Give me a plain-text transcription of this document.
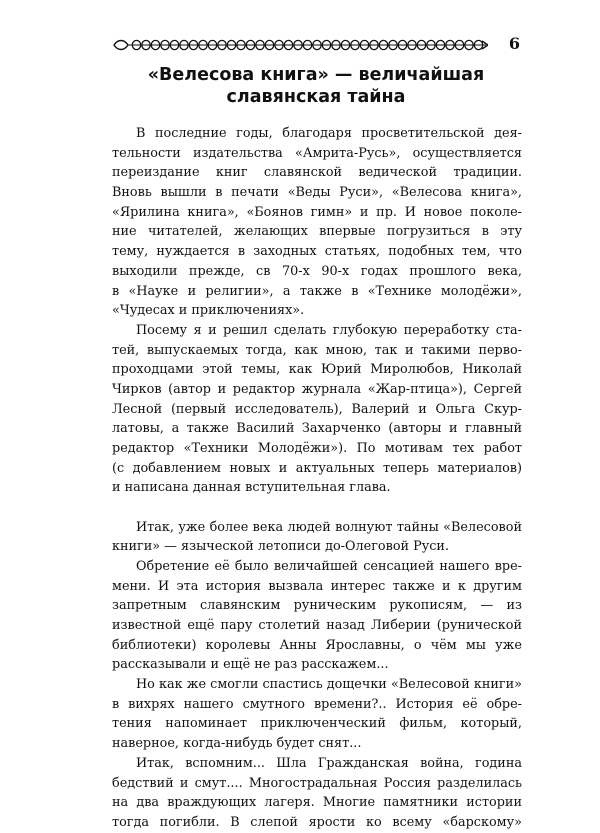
6
«Велесова книга» — величайшая
славянская тайна
В последние годы, благодаря просветительской дея-
тельности издательства «Амрита-Русь», осуществляется
переиздание книг славянской ведической традиции.
Вновь вышли в печати «Веды Руси», «Велесова книга»,
«Ярилина книга», «Боянов гимн» и пр. И новое поколе-
ние читателей, желающих впервые погрузиться в эту
тему, нуждается в заходных статьях, подобных тем, что
выходили прежде, св 70-х 90-х годах прошлого века,
в «Науке и религии», а также в «Технике молодёжи»,
«Чудесах и приключениях».
Посему я и решил сделать глубокую переработку ста-
тей, выпускаемых тогда, как мною, так и такими перво-
проходцами этой темы, как Юрий Миролюбов, Николай
Чирков (автор и редактор журнала «Жар-птица»), Сергей
Лесной (первый исследователь), Валерий и Ольга Скур-
латовы, а также Василий Захарченко (авторы и главный
редактор «Техники Молодёжи»). По мотивам тех работ
(с добавлением новых и актуальных теперь материалов)
и написана данная вступительная глава.
Итак, уже более века людей волнуют тайны «Велесовой
книги» — языческой летописи до-Олеговой Руси.
Обретение её было величайшей сенсацией нашего вре-
мени. И эта история вызвала интерес также и к другим
запретным славянским руническим рукописям, — из
известной ещё пару столетий назад Либерии (рунической
библиотеки) королевы Анны Ярославны, о чём мы уже
рассказывали и ещё не раз расскажем...
Но как же смогли спастись дощечки «Велесовой книги»
в вихрях нашего смутного времени?.. История её обре-
тения напоминает приключенческий фильм, который,
наверное, когда-нибудь будет снят...
Итак, вспомним... Шла Гражданская война, година
бедствий и смут.... Многострадальная Россия разделилась
на два враждующих лагеря. Многие памятники истории
тогда погибли. В слепой ярости ко всему «барскому»
